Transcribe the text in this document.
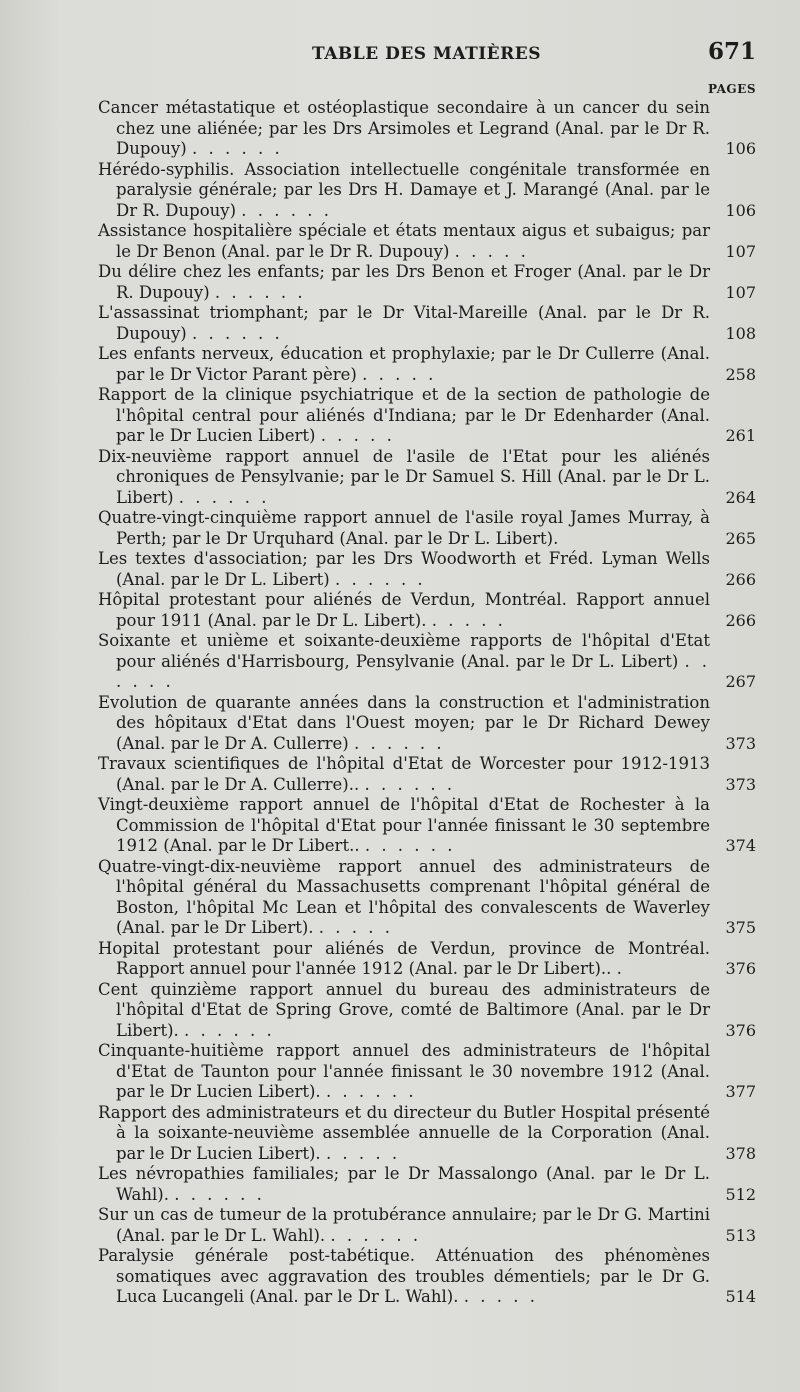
TABLE DES MATIÈRES	671
PAGES
Cancer métastatique et ostéoplastique secondaire à un cancer du sein chez une aliénée; par les Drs Arsimoles et Legrand (Anal. par le Dr R. Dupouy) . . . . . .	106
Hérédo-syphilis. Association intellectuelle congénitale transformée en paralysie générale; par les Drs H. Damaye et J. Marangé (Anal. par le Dr R. Dupouy) . . . . . .	106
Assistance hospitalière spéciale et états mentaux aigus et subaigus; par le Dr Benon (Anal. par le Dr R. Dupouy) . . . . .	107
Du délire chez les enfants; par les Drs Benon et Froger (Anal. par le Dr R. Dupouy) . . . . . .	107
L'assassinat triomphant; par le Dr Vital-Mareille (Anal. par le Dr R. Dupouy) . . . . . .	108
Les enfants nerveux, éducation et prophylaxie; par le Dr Cullerre (Anal. par le Dr Victor Parant père) . . . . .	258
Rapport de la clinique psychiatrique et de la section de pathologie de l'hôpital central pour aliénés d'Indiana; par le Dr Edenharder (Anal. par le Dr Lucien Libert) . . . . .	261
Dix-neuvième rapport annuel de l'asile de l'Etat pour les aliénés chroniques de Pensylvanie; par le Dr Samuel S. Hill (Anal. par le Dr L. Libert) . . . . . .	264
Quatre-vingt-cinquième rapport annuel de l'asile royal James Murray, à Perth; par le Dr Urquhard (Anal. par le Dr L. Libert).	265
Les textes d'association; par les Drs Woodworth et Fréd. Lyman Wells (Anal. par le Dr L. Libert) . . . . . .	266
Hôpital protestant pour aliénés de Verdun, Montréal. Rapport annuel pour 1911 (Anal. par le Dr L. Libert). . . . . .	266
Soixante et unième et soixante-deuxième rapports de l'hôpital d'Etat pour aliénés d'Harrisbourg, Pensylvanie (Anal. par le Dr L. Libert) . . . . . .	267
Evolution de quarante années dans la construction et l'administration des hôpitaux d'Etat dans l'Ouest moyen; par le Dr Richard Dewey (Anal. par le Dr A. Cullerre) . . . . . .	373
Travaux scientifiques de l'hôpital d'Etat de Worcester pour 1912-1913 (Anal. par le Dr A. Cullerre).. . . . . . .	373
Vingt-deuxième rapport annuel de l'hôpital d'Etat de Rochester à la Commission de l'hôpital d'Etat pour l'année finissant le 30 septembre 1912 (Anal. par le Dr Libert.. . . . . . .	374
Quatre-vingt-dix-neuvième rapport annuel des administrateurs de l'hôpital général du Massachusetts comprenant l'hôpital général de Boston, l'hôpital Mc Lean et l'hôpital des convalescents de Waverley (Anal. par le Dr Libert). . . . . .	375
Hopital protestant pour aliénés de Verdun, province de Montréal. Rapport annuel pour l'année 1912 (Anal. par le Dr Libert).. .	376
Cent quinzième rapport annuel du bureau des administrateurs de l'hôpital d'Etat de Spring Grove, comté de Baltimore (Anal. par le Dr Libert). . . . . . .	376
Cinquante-huitième rapport annuel des administrateurs de l'hôpital d'Etat de Taunton pour l'année finissant le 30 novembre 1912 (Anal. par le Dr Lucien Libert). . . . . . .	377
Rapport des administrateurs et du directeur du Butler Hospital présenté à la soixante-neuvième assemblée annuelle de la Corporation (Anal. par le Dr Lucien Libert). . . . . .	378
Les névropathies familiales; par le Dr Massalongo (Anal. par le Dr L. Wahl). . . . . . .	512
Sur un cas de tumeur de la protubérance annulaire; par le Dr G. Martini (Anal. par le Dr L. Wahl). . . . . . .	513
Paralysie générale post-tabétique. Atténuation des phénomènes somatiques avec aggravation des troubles démentiels; par le Dr G. Luca Lucangeli (Anal. par le Dr L. Wahl). . . . . .	514
